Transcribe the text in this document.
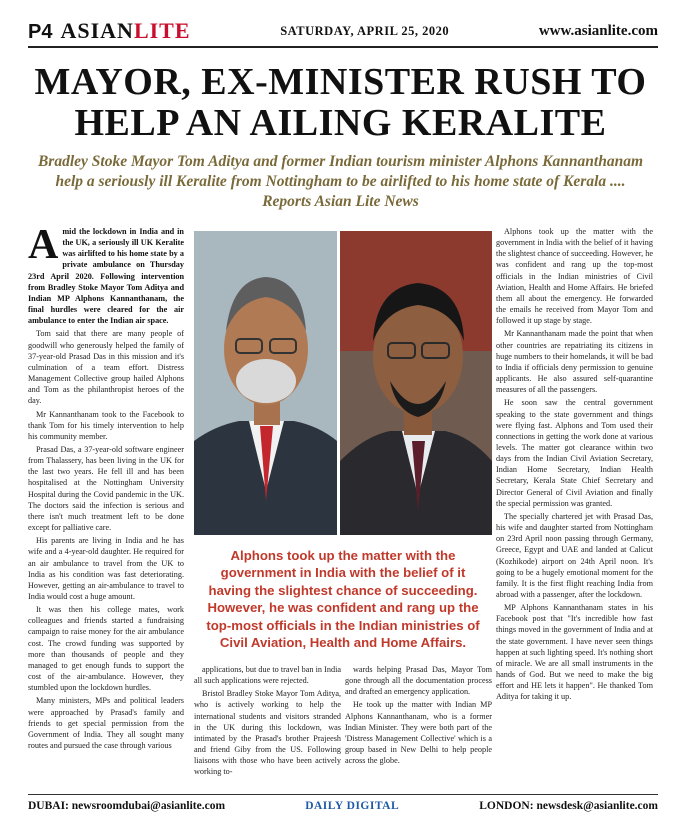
P4 ASIANLITE	SATURDAY, APRIL 25, 2020	www.asianlite.com
MAYOR, EX-MINISTER RUSH TO HELP AN AILING KERALITE
Bradley Stoke Mayor Tom Aditya and former Indian tourism minister Alphons Kannanthanam help a seriously ill Keralite from Nottingham to be airlifted to his home state of Kerala .... Reports Asian Lite News

Amid the lockdown in India and in the UK, a seriously ill UK Keralite was airlifted to his home state by a private ambulance on Thursday 23rd April 2020. Following intervention from Bradley Stoke Mayor Tom Aditya and Indian MP Alphons Kannanthanam, the final hurdles were cleared for the air ambulance to enter the Indian air space.

Tom said that there are many people of goodwill who generously helped the family of 37-year-old Prasad Das in this mission and it's culmination of a team effort. Distress Management Collective group hailed Alphons and Tom as the philanthropist heroes of the day.

Mr Kannanthanam took to the Facebook to thank Tom for his timely intervention to help his community member.

Prasad Das, a 37-year-old software engineer from Thalassery, has been living in the UK for the last two years. He fell ill and has been hospitalised at the Nottingham University Hospital during the Covid pandemic in the UK. The doctors said the infection is serious and there isn't much treatment left to be done except for palliative care.

His parents are living in India and he has wife and a 4-year-old daughter. He required for an air ambulance to travel from the UK to India as his condition was fast deteriorating. However, getting an air-ambulance to travel to India would cost a huge amount.

It was then his college mates, work colleagues and friends started a fundraising campaign to raise money for the air ambulance cost. The crowd funding was supported by more than thousands of people and they managed to get enough funds to support the cost of the air-ambulance. However, they stumbled upon the lockdown hurdles.

Many ministers, MPs and political leaders were approached by Prasad's family and friends to get special permission from the Government of India. They all sought many routes and pursued the case through various

Alphons took up the matter with the government in India with the belief of it having the slightest chance of succeeding. However, he was confident and rang up the top-most officials in the Indian ministries of Civil Aviation, Health and Home Affairs.

applications, but due to travel ban in India all such applications were rejected.

Bristol Bradley Stoke Mayor Tom Aditya, who is actively working to help the international students and visitors stranded in the UK during this lockdown, was intimated by the Prasad's brother Prajeesh and friend Giby from the US. Following liaisons with those who have been actively working to-

wards helping Prasad Das, Mayor Tom gone through all the documentation process and drafted an emergency application.

He took up the matter with Indian MP Alphons Kannanthanam, who is a former Indian Minister. They were both part of the 'Distress Management Collective' which is a group based in New Delhi to help people across the globe.

Alphons took up the matter with the government in India with the belief of it having the slightest chance of succeeding. However, he was confident and rang up the top-most officials in the Indian ministries of Civil Aviation, Health and Home Affairs. He briefed them all about the emergency. He forwarded the emails he received from Mayor Tom and followed it up stage by stage.

Mr Kannanthanam made the point that when other countries are repatriating its citizens in huge numbers to their homelands, it will be bad to India if officials deny permission to genuine applicants. He also assured self-quarantine measures of all the passengers.

He soon saw the central government speaking to the state government and things were flying fast. Alphons and Tom used their connections in getting the work done at various levels. The matter got clearance within two days from the Indian Civil Aviation Secretary, Indian Home Secretary, Indian Health Secretary, Kerala State Chief Secretary and Director General of Civil Aviation and finally the special permission was granted.

The specially chartered jet with Prasad Das, his wife and daughter started from Nottingham on 23rd April noon passing through Germany, Greece, Egypt and UAE and landed at Calicut (Kozhikode) airport on 24th April noon. It's going to be a hugely emotional moment for the family. It is the first flight reaching India from abroad with a passenger, after the lockdown.

MP Alphons Kannanthanam states in his Facebook post that "It's incredible how fast things moved in the government of India and at the state government. I have never seen things happen at such lighting speed. It's nothing short of miracle. We are all small instruments in the hands of God. But we need to make the big effort and HE lets it happen". He thanked Tom Aditya for taking it up.

DUBAI: newsroomdubai@asianlite.com	DAILY DIGITAL	LONDON: newsdesk@asianlite.com
